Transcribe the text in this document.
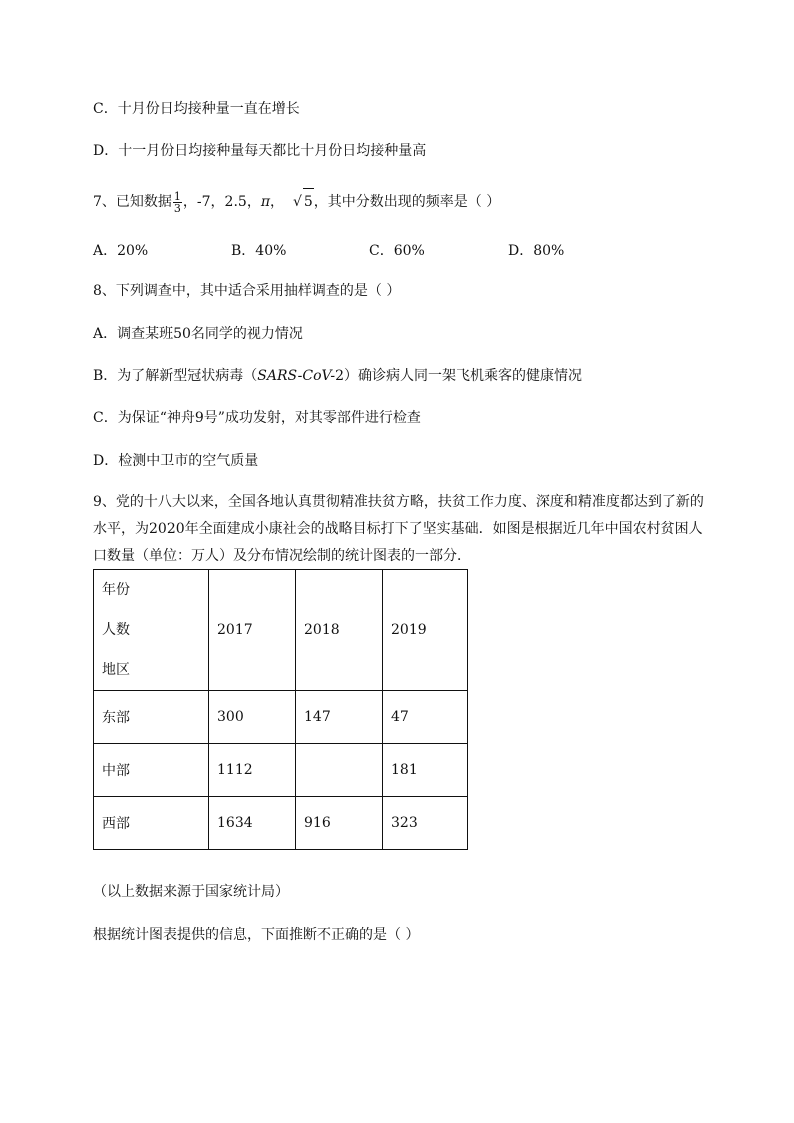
C．十月份日均接种量一直在增长
D．十一月份日均接种量每天都比十月份日均接种量高
7、已知数据 $\frac{1}{3}$ ，-7，2.5，π， √ 5，其中分数出现的频率是（ ）
A．20%	B．40%	C．60%	D．80%
8、下列调查中，其中适合采用抽样调查的是（ ）
A．调查某班50名同学的视力情况
B．为了解新型冠状病毒（SARS-CoV-2）确诊病人同一架飞机乘客的健康情况
C．为保证“神舟9号”成功发射，对其零部件进行检查
D．检测中卫市的空气质量
9、党的十八大以来，全国各地认真贯彻精准扶贫方略，扶贫工作力度、深度和精准度都达到了新的
水平，为2020年全面建成小康社会的战略目标打下了坚实基础．如图是根据近几年中国农村贫困人
口数量（单位：万人）及分布情况绘制的统计图表的一部分．
年份
人数
地区	2017	2018	2019
东部	300	147	47
中部	1112		181
西部	1634	916	323
（以上数据来源于国家统计局）
根据统计图表提供的信息，下面推断不正确的是（ ）
